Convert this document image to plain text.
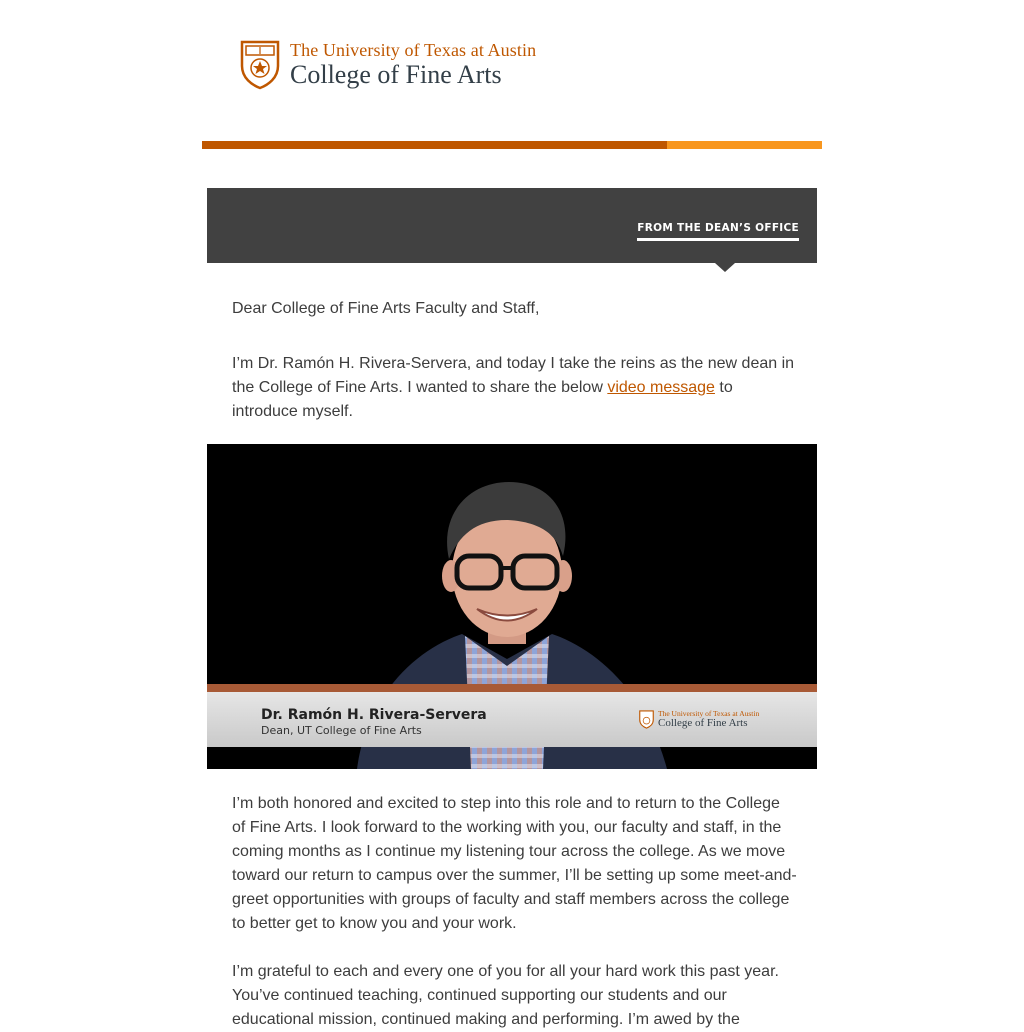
The University of Texas at Austin
College of Fine Arts
FROM THE DEAN’S OFFICE
Dear College of Fine Arts Faculty and Staff,
I’m Dr. Ramón H. Rivera-Servera, and today I take the reins as the new dean in the College of Fine Arts. I wanted to share the below video message to introduce myself.
Dr. Ramón H. Rivera-Servera
Dean, UT College of Fine Arts
The University of Texas at Austin
College of Fine Arts
I’m both honored and excited to step into this role and to return to the College of Fine Arts. I look forward to the working with you, our faculty and staff, in the coming months as I continue my listening tour across the college. As we move toward our return to campus over the summer, I’ll be setting up some meet-and-greet opportunities with groups of faculty and staff members across the college to better get to know you and your work.
I’m grateful to each and every one of you for all your hard work this past year. You’ve continued teaching, continued supporting our students and our educational mission, continued making and performing. I’m awed by the
